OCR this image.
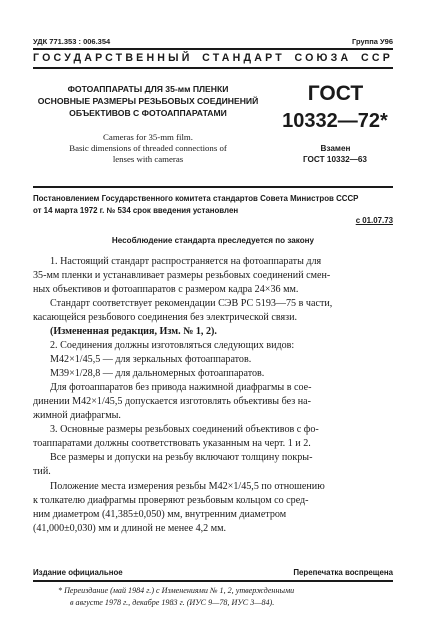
УДК 771.353 : 006.354	Группа У96
ГОСУДАРСТВЕННЫЙ СТАНДАРТ СОЮЗА ССР
ФОТОАППАРАТЫ ДЛЯ 35-мм ПЛЕНКИ
ОСНОВНЫЕ РАЗМЕРЫ РЕЗЬБОВЫХ СОЕДИНЕНИЙ
ОБЪЕКТИВОВ С ФОТОАППАРАТАМИ
Cameras for 35-mm film.
Basic dimensions of threaded connections of
lenses with cameras
ГОСТ
10332—72*
Взамен
ГОСТ 10332—63
Постановлением Государственного комитета стандартов Совета Министров СССР
от 14 марта 1972 г. № 534 срок введения установлен
с 01.07.73
Несоблюдение стандарта преследуется по закону
1. Настоящий стандарт распространяется на фотоаппараты для
35-мм пленки и устанавливает размеры резьбовых соединений смен-
ных объективов и фотоаппаратов с размером кадра 24×36 мм.
Стандарт соответствует рекомендации СЭВ РС 5193—75 в части,
касающейся резьбового соединения без электрической связи.
(Измененная редакция, Изм. № 1, 2).
2. Соединения должны изготовляться следующих видов:
М42×1/45,5 — для зеркальных фотоаппаратов.
М39×1/28,8 — для дальномерных фотоаппаратов.
Для фотоаппаратов без привода нажимной диафрагмы в сое-
динении М42×1/45,5 допускается изготовлять объективы без на-
жимной диафрагмы.
3. Основные размеры резьбовых соединений объективов с фо-
тоаппаратами должны соответствовать указанным на черт. 1 и 2.
Все размеры и допуски на резьбу включают толщину покры-
тий.
Положение места измерения резьбы М42×1/45,5 по отношению
к толкателю диафрагмы проверяют резьбовым кольцом со сред-
ним диаметром (41,385±0,050) мм, внутренним диаметром
(41,000±0,030) мм и длиной не менее 4,2 мм.
Издание официальное	Перепечатка воспрещена
* Переиздание (май 1984 г.) с Изменениями № 1, 2, утвержденными
в августе 1978 г., декабре 1983 г. (ИУС 9—78, ИУС 3—84).
